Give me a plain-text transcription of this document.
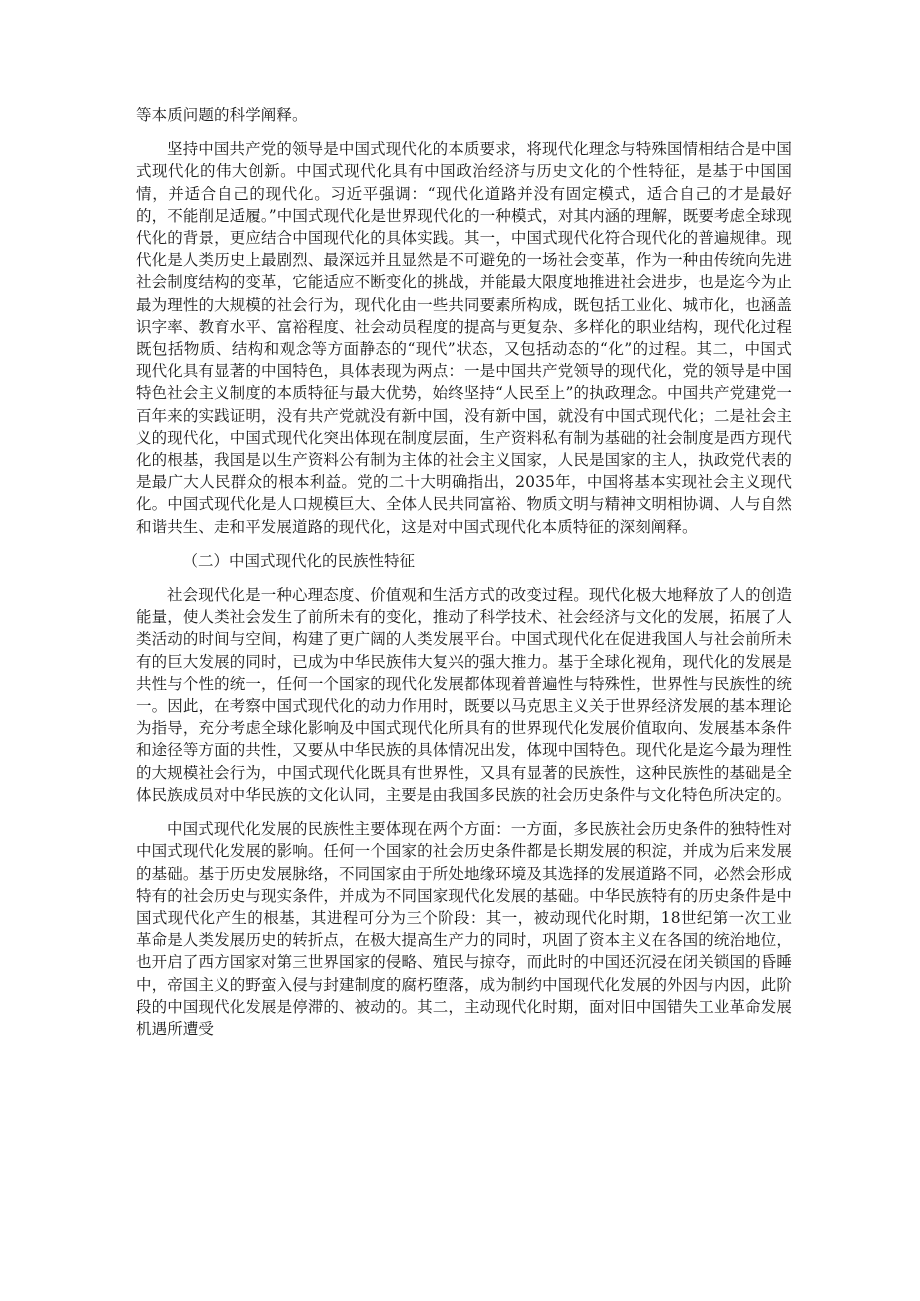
等本质问题的科学阐释。

坚持中国共产党的领导是中国式现代化的本质要求，将现代化理念与特殊国情相结合是中国式现代化的伟大创新。中国式现代化具有中国政治经济与历史文化的个性特征，是基于中国国情，并适合自己的现代化。习近平强调：“现代化道路并没有固定模式，适合自己的才是最好的，不能削足适履。”中国式现代化是世界现代化的一种模式，对其内涵的理解，既要考虑全球现代化的背景，更应结合中国现代化的具体实践。其一，中国式现代化符合现代化的普遍规律。现代化是人类历史上最剧烈、最深远并且显然是不可避免的一场社会变革，作为一种由传统向先进社会制度结构的变革，它能适应不断变化的挑战，并能最大限度地推进社会进步，也是迄今为止最为理性的大规模的社会行为，现代化由一些共同要素所构成，既包括工业化、城市化，也涵盖识字率、教育水平、富裕程度、社会动员程度的提高与更复杂、多样化的职业结构，现代化过程既包括物质、结构和观念等方面静态的“现代”状态，又包括动态的“化”的过程。其二，中国式现代化具有显著的中国特色，具体表现为两点：一是中国共产党领导的现代化，党的领导是中国特色社会主义制度的本质特征与最大优势，始终坚持“人民至上”的执政理念。中国共产党建党一百年来的实践证明，没有共产党就没有新中国，没有新中国，就没有中国式现代化；二是社会主义的现代化，中国式现代化突出体现在制度层面，生产资料私有制为基础的社会制度是西方现代化的根基，我国是以生产资料公有制为主体的社会主义国家，人民是国家的主人，执政党代表的是最广大人民群众的根本利益。党的二十大明确指出，2035年，中国将基本实现社会主义现代化。中国式现代化是人口规模巨大、全体人民共同富裕、物质文明与精神文明相协调、人与自然和谐共生、走和平发展道路的现代化，这是对中国式现代化本质特征的深刻阐释。

（二）中国式现代化的民族性特征

社会现代化是一种心理态度、价值观和生活方式的改变过程。现代化极大地释放了人的创造能量，使人类社会发生了前所未有的变化，推动了科学技术、社会经济与文化的发展，拓展了人类活动的时间与空间，构建了更广阔的人类发展平台。中国式现代化在促进我国人与社会前所未有的巨大发展的同时，已成为中华民族伟大复兴的强大推力。基于全球化视角，现代化的发展是共性与个性的统一，任何一个国家的现代化发展都体现着普遍性与特殊性，世界性与民族性的统一。因此，在考察中国式现代化的动力作用时，既要以马克思主义关于世界经济发展的基本理论为指导，充分考虑全球化影响及中国式现代化所具有的世界现代化发展价值取向、发展基本条件和途径等方面的共性，又要从中华民族的具体情况出发，体现中国特色。现代化是迄今最为理性的大规模社会行为，中国式现代化既具有世界性，又具有显著的民族性，这种民族性的基础是全体民族成员对中华民族的文化认同，主要是由我国多民族的社会历史条件与文化特色所决定的。

中国式现代化发展的民族性主要体现在两个方面：一方面，多民族社会历史条件的独特性对中国式现代化发展的影响。任何一个国家的社会历史条件都是长期发展的积淀，并成为后来发展的基础。基于历史发展脉络，不同国家由于所处地缘环境及其选择的发展道路不同，必然会形成特有的社会历史与现实条件，并成为不同国家现代化发展的基础。中华民族特有的历史条件是中国式现代化产生的根基，其进程可分为三个阶段：其一，被动现代化时期，18世纪第一次工业革命是人类发展历史的转折点，在极大提高生产力的同时，巩固了资本主义在各国的统治地位，也开启了西方国家对第三世界国家的侵略、殖民与掠夺，而此时的中国还沉浸在闭关锁国的昏睡中，帝国主义的野蛮入侵与封建制度的腐朽堕落，成为制约中国现代化发展的外因与内因，此阶段的中国现代化发展是停滞的、被动的。其二，主动现代化时期，面对旧中国错失工业革命发展机遇所遭受
